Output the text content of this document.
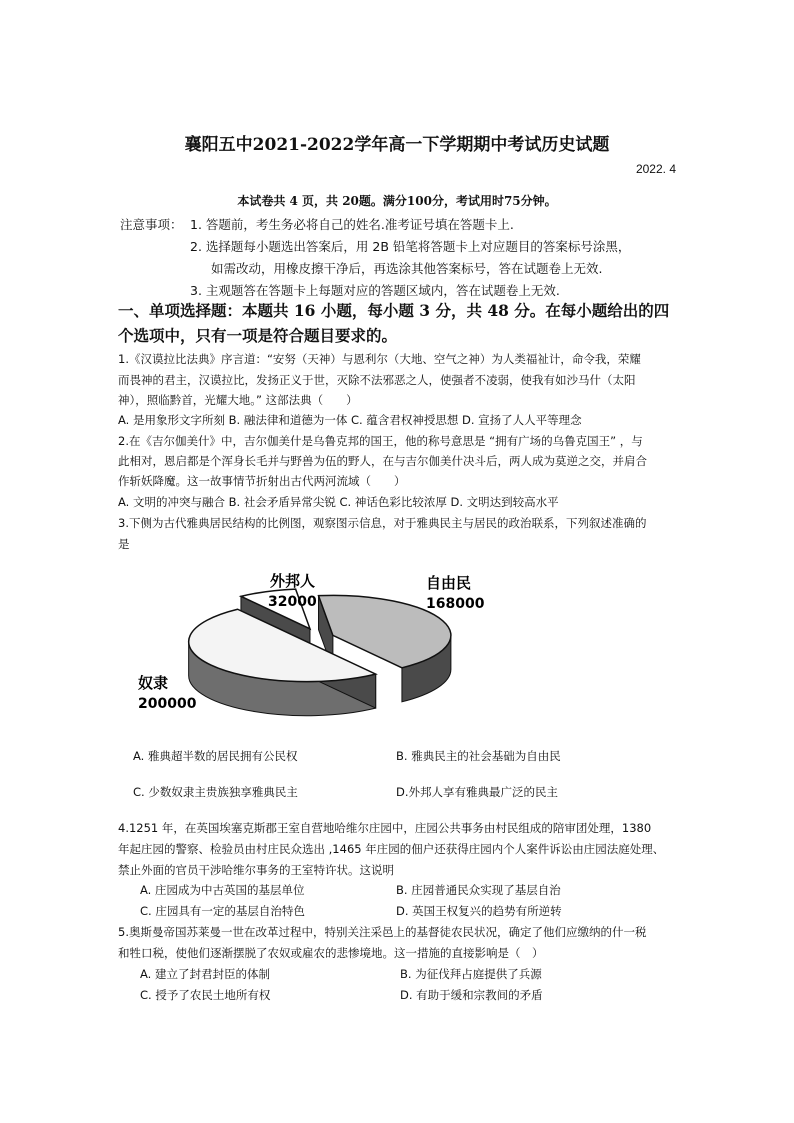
襄阳五中2021-2022学年高一下学期期中考试历史试题
2022. 4
本试卷共 4 页，共 20题。满分100分，考试用时75分钟。
注意事项： 1. 答题前，考生务必将自己的姓名.准考证号填在答题卡上.
2. 选择题每小题选出答案后，用 2B 铅笔将答题卡上对应题目的答案标号涂黑，
如需改动，用橡皮擦干净后，再选涂其他答案标号，答在试题卷上无效.
3. 主观题答在答题卡上每题对应的答题区域内，答在试题卷上无效.
一、单项选择题：本题共 16 小题，每小题 3 分，共 48 分。在每小题给出的四
个选项中，只有一项是符合题目要求的。
1.《汉谟拉比法典》序言道：“安努（天神）与恩利尔（大地、空气之神）为人类福祉计，命令我，荣耀
而畏神的君主，汉谟拉比，发扬正义于世，灭除不法邪恶之人，使强者不凌弱，使我有如沙马什（太阳
神），照临黔首，光耀大地。” 这部法典（　　）
A. 是用象形文字所刻 B. 融法律和道德为一体 C. 蕴含君权神授思想 D. 宣扬了人人平等理念
2.在《吉尔伽美什》中，吉尔伽美什是乌鲁克邦的国王，他的称号意思是 “拥有广场的乌鲁克国王” ，与
此相对，恩启都是个浑身长毛并与野兽为伍的野人，在与吉尔伽美什决斗后，两人成为莫逆之交，并肩合
作斩妖降魔。这一故事情节折射出古代两河流域（　　）
A. 文明的冲突与融合 B. 社会矛盾异常尖锐 C. 神话色彩比较浓厚 D. 文明达到较高水平
3.下侧为古代雅典居民结构的比例图，观察图示信息，对于雅典民主与居民的政治联系，下列叙述准确的
是
自由民
168000
奴隶
200000
外邦人
32000
A. 雅典超半数的居民拥有公民权	B. 雅典民主的社会基础为自由民
C. 少数奴隶主贵族独享雅典民主	D.外邦人享有雅典最广泛的民主
4.1251 年，在英国埃塞克斯郡王室自营地哈维尔庄园中，庄园公共事务由村民组成的陪审团处理，1380
年起庄园的警察、检验员由村庄民众选出 ,1465 年庄园的佃户还获得庄园内个人案件诉讼由庄园法庭处理、
禁止外面的官员干涉哈维尔事务的王室特许状。这说明
A. 庄园成为中古英国的基层单位	B. 庄园普通民众实现了基层自治
C. 庄园具有一定的基层自治特色	D. 英国王权复兴的趋势有所逆转
5.奥斯曼帝国苏莱曼一世在改革过程中，特别关注采邑上的基督徒农民状况，确定了他们应缴纳的什一税
和牲口税，使他们逐渐摆脱了农奴或雇农的悲惨境地。这一措施的直接影响是（　）
A. 建立了封君封臣的体制	B. 为征伐拜占庭提供了兵源
C. 授予了农民土地所有权	D. 有助于缓和宗教间的矛盾
